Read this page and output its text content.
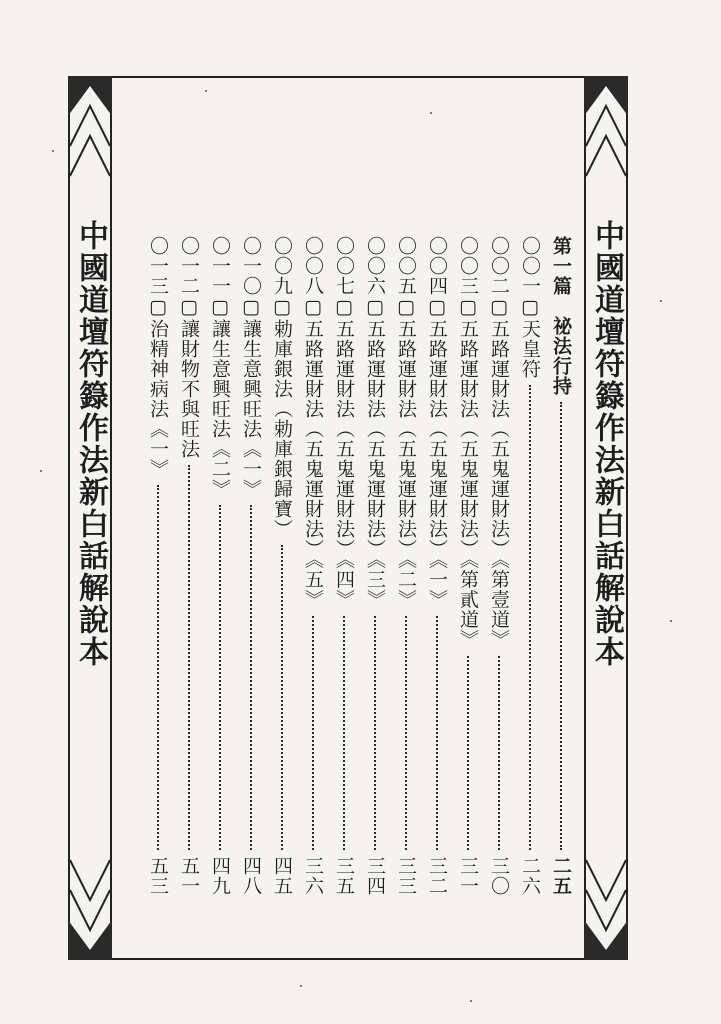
中國道壇符籙作法新白話解說本
中國道壇符籙作法新白話解說本	第一篇　祕法行持
二五
〇〇一▢天皇符
二六
〇〇二▢五路運財法（五鬼運財法）《第壹道》
三〇
〇〇三▢五路運財法（五鬼運財法）《第貳道》
三一
〇〇四▢五路運財法（五鬼運財法）《一》
三二
〇〇五▢五路運財法（五鬼運財法）《二》
三三
〇〇六▢五路運財法（五鬼運財法）《三》
三四
〇〇七▢五路運財法（五鬼運財法）《四》
三五
〇〇八▢五路運財法（五鬼運財法）《五》
三六
〇〇九▢勅庫銀法（勅庫銀歸寶）
四五
〇一〇▢讓生意興旺法《一》
四八
〇一一▢讓生意興旺法《二》
四九
〇一二▢讓財物不與旺法
五一
〇一三▢治精神病法《一》
五三
